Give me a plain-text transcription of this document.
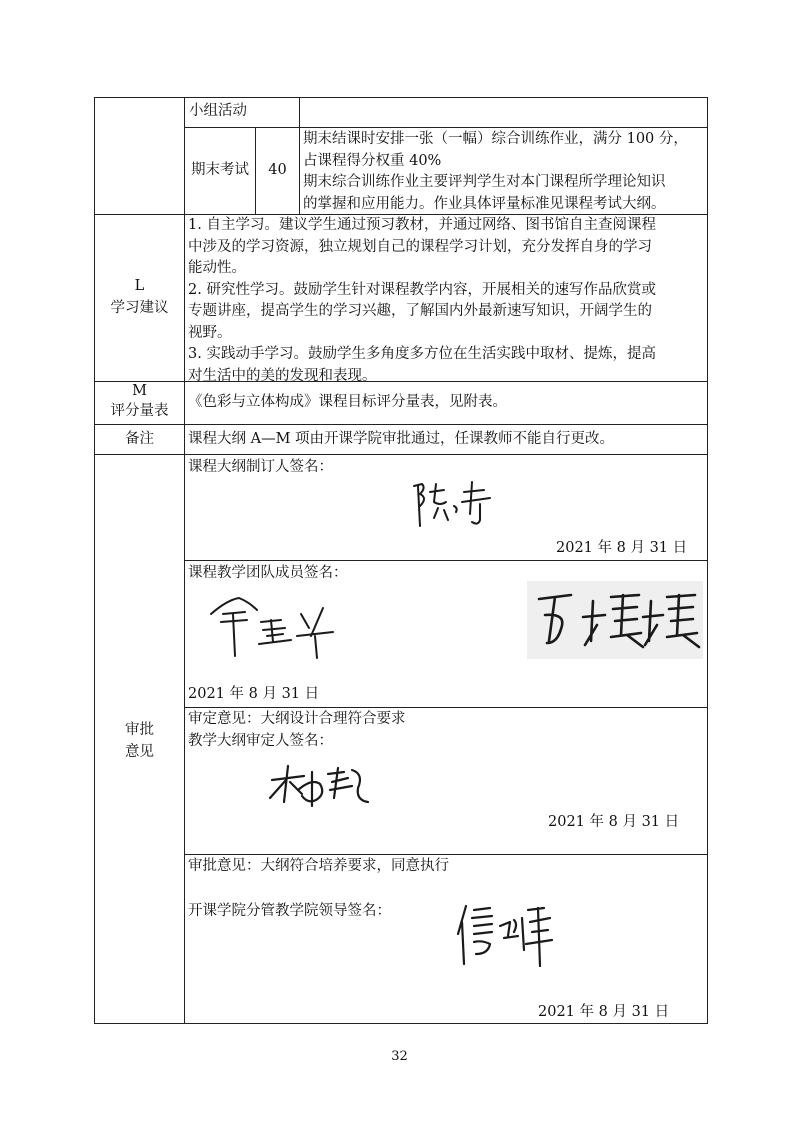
小组活动
期末考试	40
期末结课时安排一张（一幅）综合训练作业，满分 100 分，
占课程得分权重 40%
期末综合训练作业主要评判学生对本门课程所学理论知识
的掌握和应用能力。作业具体评量标准见课程考试大纲。
L
学习建议
1. 自主学习。建议学生通过预习教材，并通过网络、图书馆自主查阅课程
中涉及的学习资源，独立规划自己的课程学习计划，充分发挥自身的学习
能动性。
2. 研究性学习。鼓励学生针对课程教学内容，开展相关的速写作品欣赏或
专题讲座，提高学生的学习兴趣，了解国内外最新速写知识，开阔学生的
视野。
3. 实践动手学习。鼓励学生多角度多方位在生活实践中取材、提炼，提高
对生活中的美的发现和表现。
M
评分量表
《色彩与立体构成》课程目标评分量表，见附表。
备注	课程大纲 A—M 项由开课学院审批通过，任课教师不能自行更改。
审批
意见
课程大纲制订人签名：
2021 年 8 月 31 日
课程教学团队成员签名：
2021 年 8 月 31 日
审定意见：大纲设计合理符合要求
教学大纲审定人签名：
2021 年 8 月 31 日
审批意见：大纲符合培养要求，同意执行
开课学院分管教学院领导签名：
2021 年 8 月 31 日
32
